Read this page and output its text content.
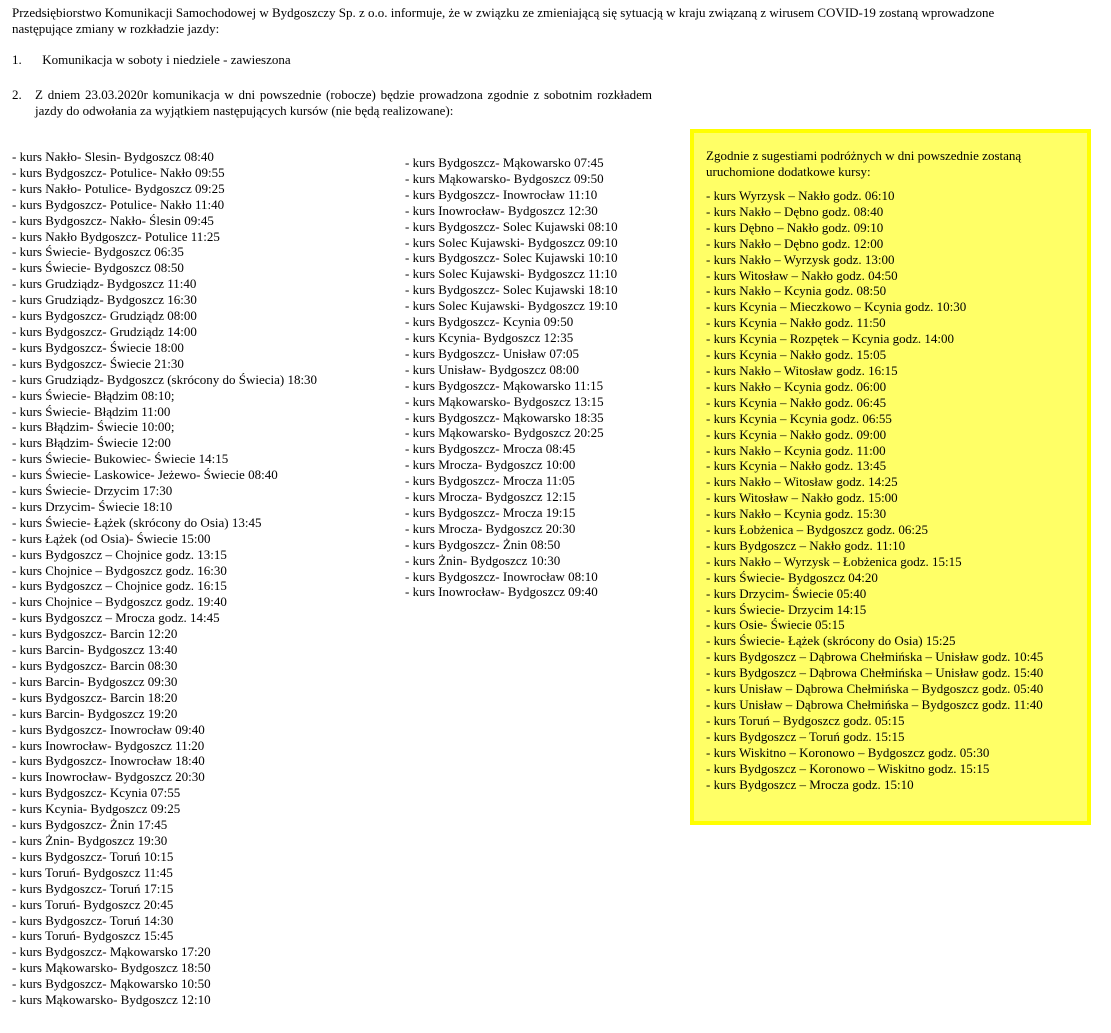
Przedsiębiorstwo Komunikacji Samochodowej w Bydgoszczy Sp. z o.o. informuje, że w związku ze zmieniającą się sytuacją w kraju związaną z wirusem COVID-19 zostaną wprowadzone następujące zmiany w rozkładzie jazdy:

1. Komunikacja w soboty i niedziele - zawieszona

2. Z dniem 23.03.2020r komunikacja w dni powszednie (robocze) będzie prowadzona zgodnie z sobotnim rozkładem jazdy do odwołania za wyjątkiem następujących kursów (nie będą realizowane):
- kurs Nakło- Slesin- Bydgoszcz 08:40
- kurs Bydgoszcz- Potulice- Nakło 09:55
- kurs Nakło- Potulice- Bydgoszcz 09:25
- kurs Bydgoszcz- Potulice- Nakło 11:40
- kurs Bydgoszcz- Nakło- Ślesin 09:45
- kurs Nakło Bydgoszcz- Potulice 11:25
- kurs Świecie- Bydgoszcz 06:35
- kurs Świecie- Bydgoszcz 08:50
- kurs Grudziądz- Bydgoszcz 11:40
- kurs Grudziądz- Bydgoszcz 16:30
- kurs Bydgoszcz- Grudziądz 08:00
- kurs Bydgoszcz- Grudziądz 14:00
- kurs Bydgoszcz- Świecie 18:00
- kurs Bydgoszcz- Świecie 21:30
- kurs Grudziądz- Bydgoszcz (skrócony do Świecia) 18:30
- kurs Świecie- Błądzim 08:10;
- kurs Świecie- Błądzim 11:00
- kurs Błądzim- Świecie 10:00;
- kurs Błądzim- Świecie 12:00
- kurs Świecie- Bukowiec- Świecie 14:15
- kurs Świecie- Laskowice- Jeżewo- Świecie 08:40
- kurs Świecie- Drzycim 17:30
- kurs Drzycim- Świecie 18:10
- kurs Świecie- Łążek (skrócony do Osia) 13:45
- kurs Łążek (od Osia)- Świecie 15:00
- kurs Bydgoszcz – Chojnice godz. 13:15
- kurs Chojnice – Bydgoszcz godz. 16:30
- kurs Bydgoszcz – Chojnice godz. 16:15
- kurs Chojnice – Bydgoszcz godz. 19:40
- kurs Bydgoszcz – Mrocza godz. 14:45
- kurs Bydgoszcz- Barcin 12:20
- kurs Barcin- Bydgoszcz 13:40
- kurs Bydgoszcz- Barcin 08:30
- kurs Barcin- Bydgoszcz 09:30
- kurs Bydgoszcz- Barcin 18:20
- kurs Barcin- Bydgoszcz 19:20
- kurs Bydgoszcz- Inowrocław 09:40
- kurs Inowrocław- Bydgoszcz 11:20
- kurs Bydgoszcz- Inowrocław 18:40
- kurs Inowrocław- Bydgoszcz 20:30
- kurs Bydgoszcz- Kcynia 07:55
- kurs Kcynia- Bydgoszcz 09:25
- kurs Bydgoszcz- Żnin 17:45
- kurs Żnin- Bydgoszcz 19:30
- kurs Bydgoszcz- Toruń 10:15
- kurs Toruń- Bydgoszcz 11:45
- kurs Bydgoszcz- Toruń 17:15
- kurs Toruń- Bydgoszcz 20:45
- kurs Bydgoszcz- Toruń 14:30
- kurs Toruń- Bydgoszcz 15:45
- kurs Bydgoszcz- Mąkowarsko 17:20
- kurs Mąkowarsko- Bydgoszcz 18:50
- kurs Bydgoszcz- Mąkowarsko 10:50
- kurs Mąkowarsko- Bydgoszcz 12:10
- kurs Bydgoszcz- Mąkowarsko 07:45
- kurs Mąkowarsko- Bydgoszcz 09:50
- kurs Bydgoszcz- Inowrocław 11:10
- kurs Inowrocław- Bydgoszcz 12:30
- kurs Bydgoszcz- Solec Kujawski 08:10
- kurs Solec Kujawski- Bydgoszcz 09:10
- kurs Bydgoszcz- Solec Kujawski 10:10
- kurs Solec Kujawski- Bydgoszcz 11:10
- kurs Bydgoszcz- Solec Kujawski 18:10
- kurs Solec Kujawski- Bydgoszcz 19:10
- kurs Bydgoszcz- Kcynia 09:50
- kurs Kcynia- Bydgoszcz 12:35
- kurs Bydgoszcz- Unisław 07:05
- kurs Unisław- Bydgoszcz 08:00
- kurs Bydgoszcz- Mąkowarsko 11:15
- kurs Mąkowarsko- Bydgoszcz 13:15
- kurs Bydgoszcz- Mąkowarsko 18:35
- kurs Mąkowarsko- Bydgoszcz 20:25
- kurs Bydgoszcz- Mrocza 08:45
- kurs Mrocza- Bydgoszcz 10:00
- kurs Bydgoszcz- Mrocza 11:05
- kurs Mrocza- Bydgoszcz 12:15
- kurs Bydgoszcz- Mrocza 19:15
- kurs Mrocza- Bydgoszcz 20:30
- kurs Bydgoszcz- Żnin 08:50
- kurs Żnin- Bydgoszcz 10:30
- kurs Bydgoszcz- Inowrocław 08:10
- kurs Inowrocław- Bydgoszcz 09:40

Zgodnie z sugestiami podróżnych w dni powszednie zostaną uruchomione dodatkowe kursy:

- kurs Wyrzysk – Nakło godz. 06:10
- kurs Nakło – Dębno godz. 08:40
- kurs Dębno – Nakło godz. 09:10
- kurs Nakło – Dębno godz. 12:00
- kurs Nakło – Wyrzysk godz. 13:00
- kurs Witosław – Nakło godz. 04:50
- kurs Nakło – Kcynia godz. 08:50
- kurs Kcynia – Mieczkowo – Kcynia godz. 10:30
- kurs Kcynia – Nakło godz. 11:50
- kurs Kcynia – Rozpętek – Kcynia godz. 14:00
- kurs Kcynia – Nakło godz. 15:05
- kurs Nakło – Witosław godz. 16:15
- kurs Nakło – Kcynia godz. 06:00
- kurs Kcynia – Nakło godz. 06:45
- kurs Kcynia – Kcynia godz. 06:55
- kurs Kcynia – Nakło godz. 09:00
- kurs Nakło – Kcynia godz. 11:00
- kurs Kcynia – Nakło godz. 13:45
- kurs Nakło – Witosław godz. 14:25
- kurs Witosław – Nakło godz. 15:00
- kurs Nakło – Kcynia godz. 15:30
- kurs Łobżenica – Bydgoszcz godz. 06:25
- kurs Bydgoszcz – Nakło godz. 11:10
- kurs Nakło – Wyrzysk – Łobżenica godz. 15:15
- kurs Świecie- Bydgoszcz 04:20
- kurs Drzycim- Świecie 05:40
- kurs Świecie- Drzycim 14:15
- kurs Osie- Świecie 05:15
- kurs Świecie- Łążek (skrócony do Osia) 15:25
- kurs Bydgoszcz – Dąbrowa Chełmińska – Unisław godz. 10:45
- kurs Bydgoszcz – Dąbrowa Chełmińska – Unisław godz. 15:40
- kurs Unisław – Dąbrowa Chełmińska – Bydgoszcz godz. 05:40
- kurs Unisław – Dąbrowa Chełmińska – Bydgoszcz godz. 11:40
- kurs Toruń – Bydgoszcz godz. 05:15
- kurs Bydgoszcz – Toruń godz. 15:15
- kurs Wiskitno – Koronowo – Bydgoszcz godz. 05:30
- kurs Bydgoszcz – Koronowo – Wiskitno godz. 15:15
- kurs Bydgoszcz – Mrocza godz. 15:10
